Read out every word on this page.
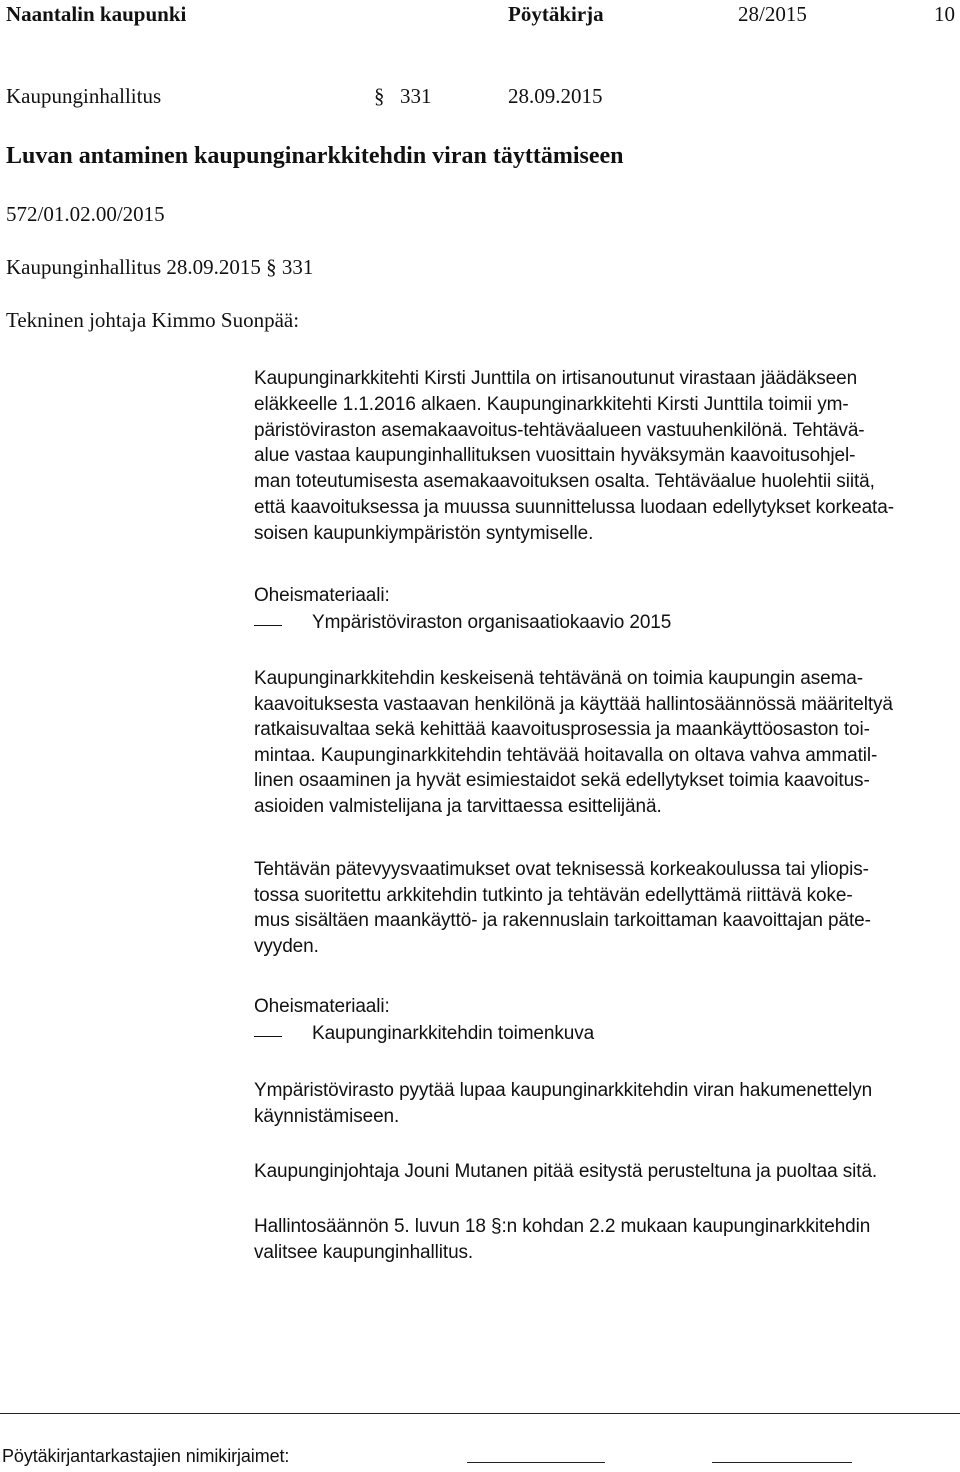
Naantalin kaupunki	Pöytäkirja	28/2015	10
Kaupunginhallitus	§ 331	28.09.2015
Luvan antaminen kaupunginarkkitehdin viran täyttämiseen
572/01.02.00/2015
Kaupunginhallitus 28.09.2015 § 331
Tekninen johtaja Kimmo Suonpää:
Kaupunginarkkitehti Kirsti Junttila on irtisanoutunut virastaan jäädäkseen
eläkkeelle 1.1.2016 alkaen. Kaupunginarkkitehti Kirsti Junttila toimii ym-
päristöviraston asemakaavoitus-tehtäväalueen vastuuhenkilönä. Tehtävä-
alue vastaa kaupunginhallituksen vuosittain hyväksymän kaavoitusohjel-
man toteutumisesta asemakaavoituksen osalta. Tehtäväalue huolehtii siitä,
että kaavoituksessa ja muussa suunnittelussa luodaan edellytykset korkeata-
soisen kaupunkiympäristön syntymiselle.
Oheismateriaali:
Ympäristöviraston organisaatiokaavio 2015
Kaupunginarkkitehdin keskeisenä tehtävänä on toimia kaupungin asema-
kaavoituksesta vastaavan henkilönä ja käyttää hallintosäännössä määriteltyä
ratkaisuvaltaa sekä kehittää kaavoitusprosessia ja maankäyttöosaston toi-
mintaa. Kaupunginarkkitehdin tehtävää hoitavalla on oltava vahva ammatil-
linen osaaminen ja hyvät esimiestaidot sekä edellytykset toimia kaavoitus-
asioiden valmistelijana ja tarvittaessa esittelijänä.
Tehtävän pätevyysvaatimukset ovat teknisessä korkeakoulussa tai yliopis-
tossa suoritettu arkkitehdin tutkinto ja tehtävän edellyttämä riittävä koke-
mus sisältäen maankäyttö- ja rakennuslain tarkoittaman kaavoittajan päte-
vyyden.
Oheismateriaali:
Kaupunginarkkitehdin toimenkuva
Ympäristövirasto pyytää lupaa kaupunginarkkitehdin viran hakumenettelyn
käynnistämiseen.
Kaupunginjohtaja Jouni Mutanen pitää esitystä perusteltuna ja puoltaa sitä.
Hallintosäännön 5. luvun 18 §:n kohdan 2.2 mukaan kaupunginarkkitehdin
valitsee kaupunginhallitus.
Pöytäkirjantarkastajien nimikirjaimet:
